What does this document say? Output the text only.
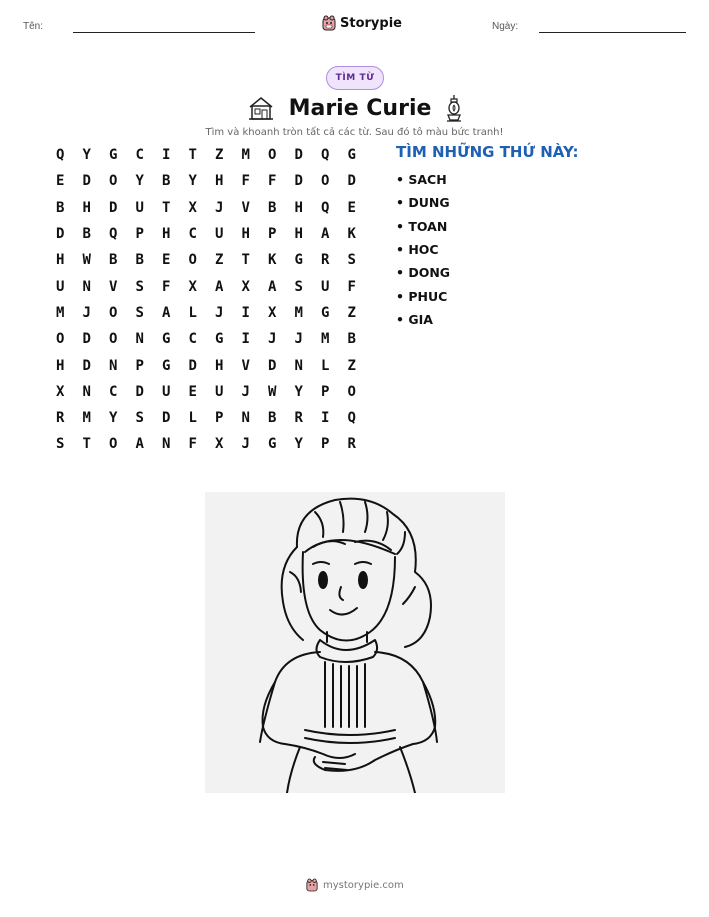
Tên:	Storypie	Ngày:
TÌM TỪ
Marie Curie
Tìm và khoanh tròn tất cả các từ. Sau đó tô màu bức tranh!
Q	Y	G	C	I	T	Z	M	O	D	Q	G
E	D	O	Y	B	Y	H	F	F	D	O	D
B	H	D	U	T	X	J	V	B	H	Q	E
D	B	Q	P	H	C	U	H	P	H	A	K
H	W	B	B	E	O	Z	T	K	G	R	S
U	N	V	S	F	X	A	X	A	S	U	F
M	J	O	S	A	L	J	I	X	M	G	Z
O	D	O	N	G	C	G	I	J	J	M	B
H	D	N	P	G	D	H	V	D	N	L	Z
X	N	C	D	U	E	U	J	W	Y	P	O
R	M	Y	S	D	L	P	N	B	R	I	Q
S	T	O	A	N	F	X	J	G	Y	P	R
TÌM NHỮNG THỨ NÀY:
• SACH
• DUNG
• TOAN
• HOC
• DONG
• PHUC
• GIA
mystorypie.com
